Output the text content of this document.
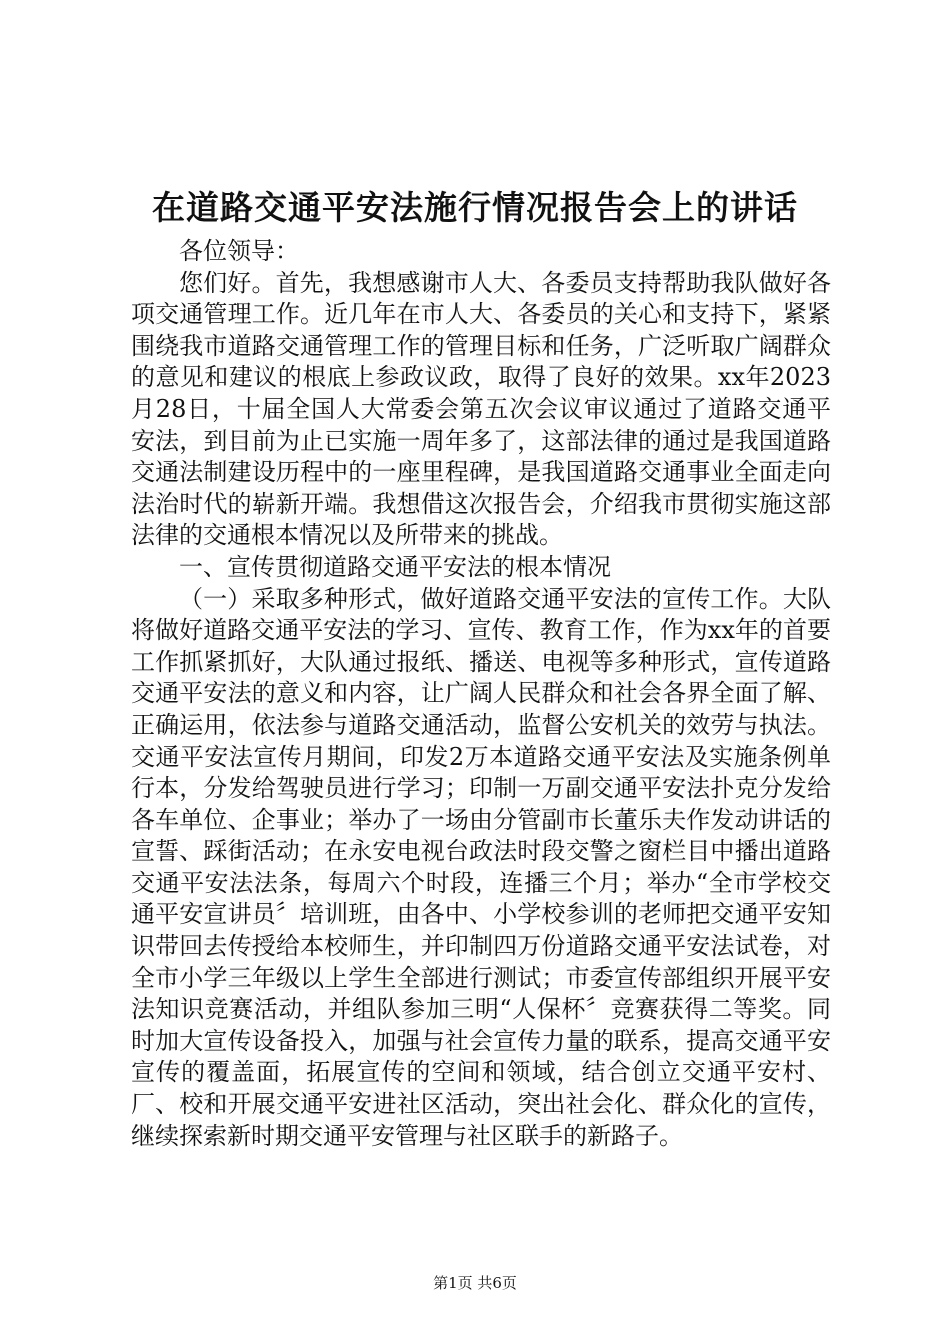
在道路交通平安法施行情况报告会上的讲话

各位领导：

您们好。首先，我想感谢市人大、各委员支持帮助我队做好各项交通管理工作。近几年在市人大、各委员的关心和支持下，紧紧围绕我市道路交通管理工作的管理目标和任务，广泛听取广阔群众的意见和建议的根底上参政议政，取得了良好的效果。xx年2023月28日，十届全国人大常委会第五次会议审议通过了道路交通平安法，到目前为止已实施一周年多了，这部法律的通过是我国道路交通法制建设历程中的一座里程碑，是我国道路交通事业全面走向法治时代的崭新开端。我想借这次报告会，介绍我市贯彻实施这部法律的交通根本情况以及所带来的挑战。

一、宣传贯彻道路交通平安法的根本情况

（一）采取多种形式，做好道路交通平安法的宣传工作。大队将做好道路交通平安法的学习、宣传、教育工作，作为xx年的首要工作抓紧抓好，大队通过报纸、播送、电视等多种形式，宣传道路交通平安法的意义和内容，让广阔人民群众和社会各界全面了解、正确运用，依法参与道路交通活动，监督公安机关的效劳与执法。交通平安法宣传月期间，印发2万本道路交通平安法及实施条例单行本，分发给驾驶员进行学习；印制一万副交通平安法扑克分发给各车单位、企事业；举办了一场由分管副市长董乐夫作发动讲话的宣誓、踩街活动；在永安电视台政法时段交警之窗栏目中播出道路交通平安法法条，每周六个时段，连播三个月；举办“全市学校交通平安宣讲员〞培训班，由各中、小学校参训的老师把交通平安知识带回去传授给本校师生，并印制四万份道路交通平安法试卷，对全市小学三年级以上学生全部进行测试；市委宣传部组织开展平安法知识竞赛活动，并组队参加三明“人保杯〞竞赛获得二等奖。同时加大宣传设备投入，加强与社会宣传力量的联系，提高交通平安宣传的覆盖面，拓展宣传的空间和领域，结合创立交通平安村、厂、校和开展交通平安进社区活动，突出社会化、群众化的宣传，继续探索新时期交通平安管理与社区联手的新路子。

第1页 共6页
